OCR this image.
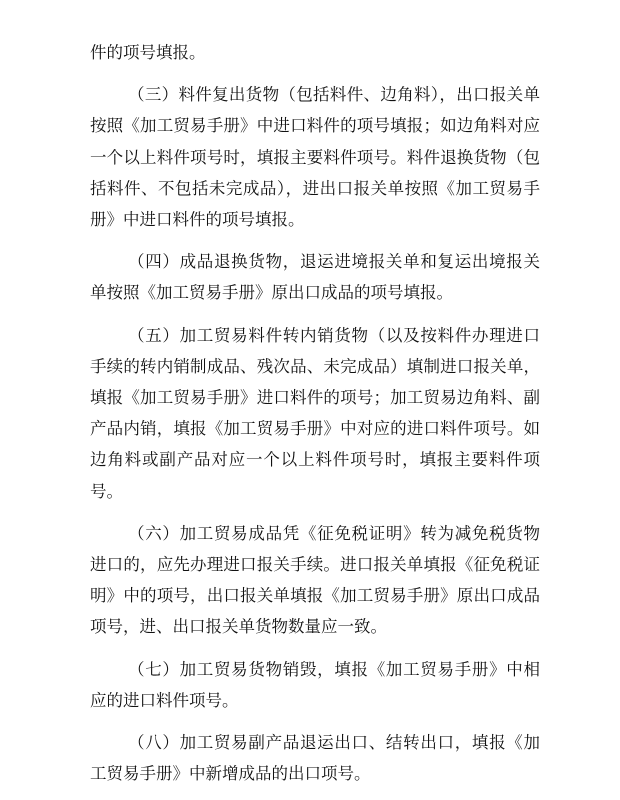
件的项号填报。

（三）料件复出货物（包括料件、边角料），出口报关单按照《加工贸易手册》中进口料件的项号填报；如边角料对应一个以上料件项号时，填报主要料件项号。料件退换货物（包括料件、不包括未完成品），进出口报关单按照《加工贸易手册》中进口料件的项号填报。

（四）成品退换货物，退运进境报关单和复运出境报关单按照《加工贸易手册》原出口成品的项号填报。

（五）加工贸易料件转内销货物（以及按料件办理进口手续的转内销制成品、残次品、未完成品）填制进口报关单，填报《加工贸易手册》进口料件的项号；加工贸易边角料、副产品内销，填报《加工贸易手册》中对应的进口料件项号。如边角料或副产品对应一个以上料件项号时，填报主要料件项号。

（六）加工贸易成品凭《征免税证明》转为减免税货物进口的，应先办理进口报关手续。进口报关单填报《征免税证明》中的项号，出口报关单填报《加工贸易手册》原出口成品项号，进、出口报关单货物数量应一致。

（七）加工贸易货物销毁，填报《加工贸易手册》中相应的进口料件项号。

（八）加工贸易副产品退运出口、结转出口，填报《加工贸易手册》中新增成品的出口项号。
